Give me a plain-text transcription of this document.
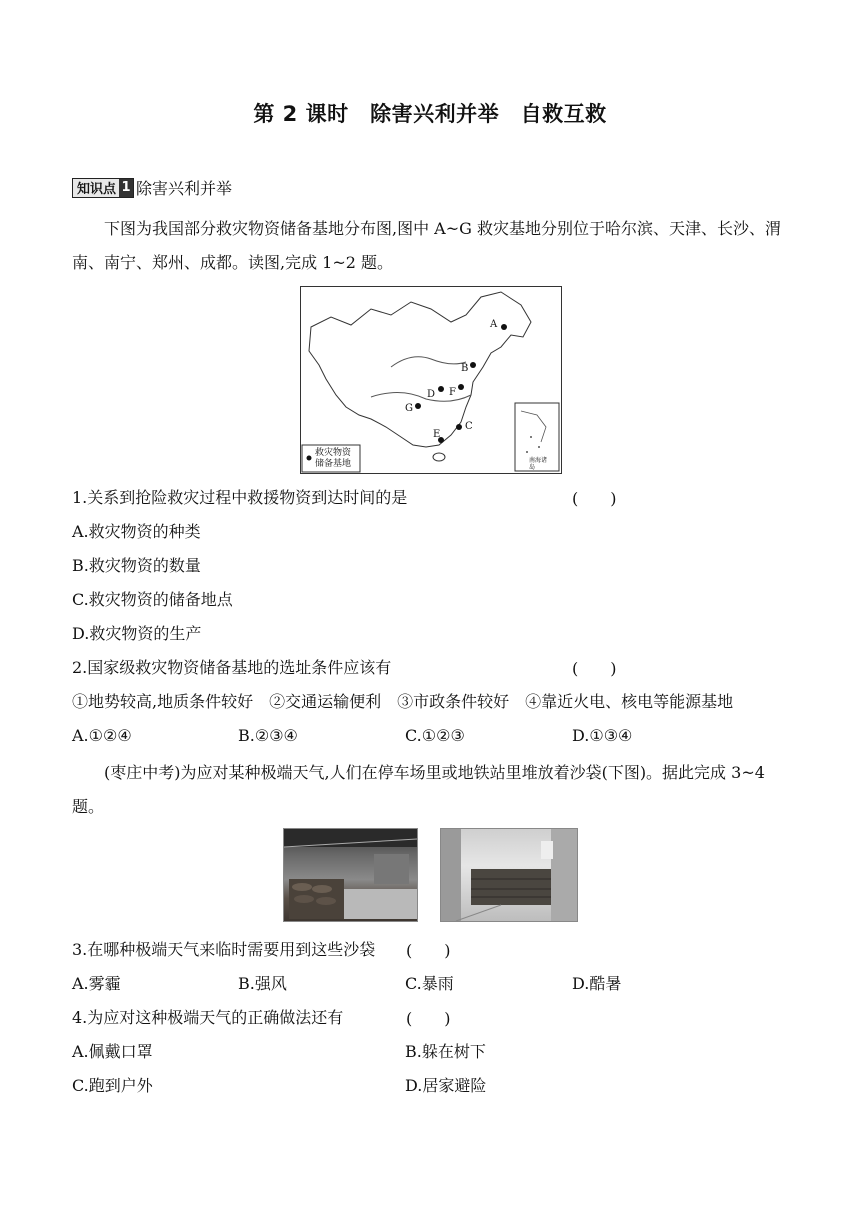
第 2 课时　除害兴利并举　自救互救
知识点 1 除害兴利并举
下图为我国部分救灾物资储备基地分布图,图中 A~G 救灾基地分别位于哈尔滨、天津、长沙、渭南、南宁、郑州、成都。读图,完成 1~2 题。
A
B
C
D
E
F
G
救灾物资储备基地	南海诸岛
1.关系到抢险救灾过程中救援物资到达时间的是	(　　)
A.救灾物资的种类
B.救灾物资的数量
C.救灾物资的储备地点
D.救灾物资的生产
2.国家级救灾物资储备基地的选址条件应该有	(　　)
①地势较高,地质条件较好　②交通运输便利　③市政条件较好　④靠近火电、核电等能源基地
A.①②④	B.②③④	C.①②③	D.①③④
(枣庄中考)为应对某种极端天气,人们在停车场里或地铁站里堆放着沙袋(下图)。据此完成 3~4 题。
3.在哪种极端天气来临时需要用到这些沙袋 (　　)
A.雾霾	B.强风	C.暴雨	D.酷暑
4.为应对这种极端天气的正确做法还有	(　　)
A.佩戴口罩	B.躲在树下
C.跑到户外	D.居家避险
